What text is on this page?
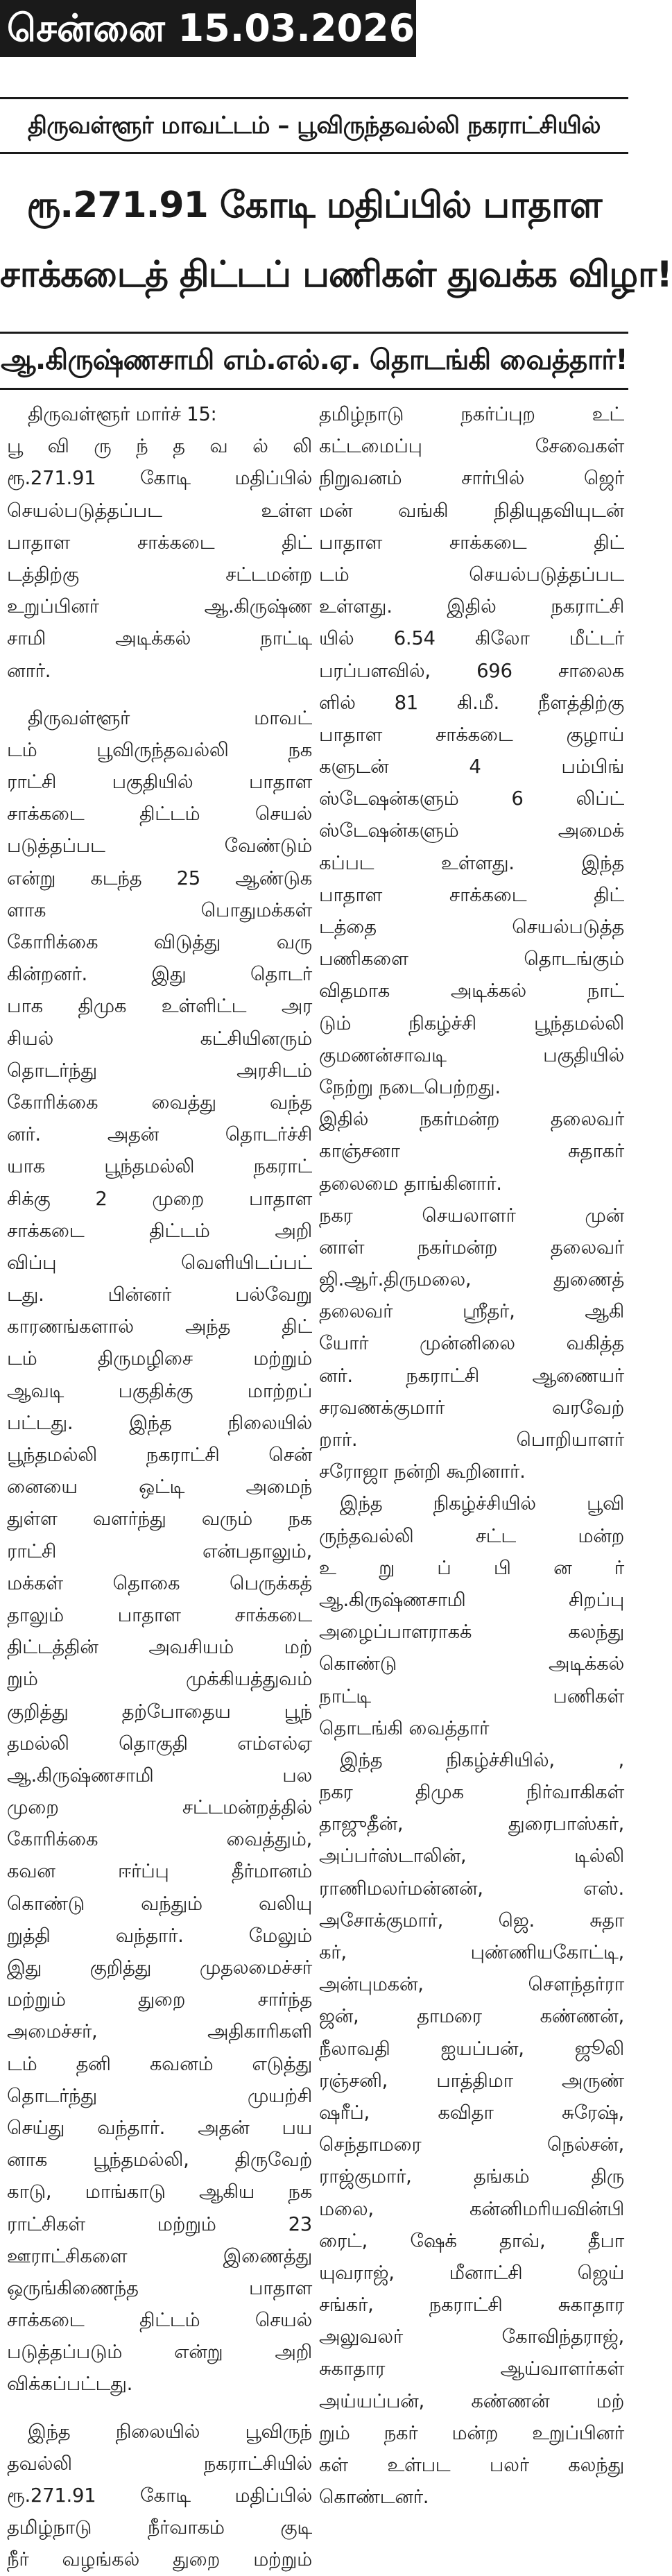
சென்னை 15.03.2026
திருவள்ளூர் மாவட்டம் – பூவிருந்தவல்லி நகராட்சியில்
ரூ.271.91 கோடி மதிப்பில் பாதாள
சாக்கடைத் திட்டப் பணிகள் துவக்க விழா!
ஆ.கிருஷ்ணசாமி எம்.எல்.ஏ. தொடங்கி வைத்தார்!
திருவள்ளூர் மார்ச் 15:
பூ வி ரு ந் த வ ல் லி
ரூ.271.91 கோடி மதிப்பில்
செயல்படுத்தப்பட உள்ள
பாதாள சாக்கடை திட்
டத்திற்கு சட்டமன்ற
உறுப்பினர் ஆ.கிருஷ்ண
சாமி அடிக்கல் நாட்டி
னார்.
திருவள்ளூர் மாவட்
டம் பூவிருந்தவல்லி நக
ராட்சி பகுதியில் பாதாள
சாக்கடை திட்டம் செயல்
படுத்தப்பட வேண்டும்
என்று கடந்த 25 ஆண்டுக
ளாக பொதுமக்கள்
கோரிக்கை விடுத்து வரு
கின்றனர். இது தொடர்
பாக திமுக உள்ளிட்ட அர
சியல் கட்சியினரும்
தொடர்ந்து அரசிடம்
கோரிக்கை வைத்து வந்த
னர். அதன் தொடர்ச்சி
யாக பூந்தமல்லி நகராட்
சிக்கு 2 முறை பாதாள
சாக்கடை திட்டம் அறி
விப்பு வெளியிடப்பட்
டது. பின்னர் பல்வேறு
காரணங்களால் அந்த திட்
டம் திருமழிசை மற்றும்
ஆவடி பகுதிக்கு மாற்றப்
பட்டது. இந்த நிலையில்
பூந்தமல்லி நகராட்சி சென்
னையை ஒட்டி அமைந்
துள்ள வளர்ந்து வரும் நக
ராட்சி என்பதாலும்,
மக்கள் தொகை பெருக்கத்
தாலும் பாதாள சாக்கடை
திட்டத்தின் அவசியம் மற்
றும் முக்கியத்துவம்
குறித்து தற்போதைய பூந்
தமல்லி தொகுதி எம்எல்ஏ
ஆ.கிருஷ்ணசாமி பல
முறை சட்டமன்றத்தில்
கோரிக்கை வைத்தும்,
கவன ஈர்ப்பு தீர்மானம்
கொண்டு வந்தும் வலியு
றுத்தி வந்தார். மேலும்
இது குறித்து முதலமைச்சர்
மற்றும் துறை சார்ந்த
அமைச்சர், அதிகாரிகளி
டம் தனி கவனம் எடுத்து
தொடர்ந்து முயற்சி
செய்து வந்தார். அதன் பய
னாக பூந்தமல்லி, திருவேற்
காடு, மாங்காடு ஆகிய நக
ராட்சிகள் மற்றும் 23
ஊராட்சிகளை இணைத்து
ஒருங்கிணைந்த பாதாள
சாக்கடை திட்டம் செயல்
படுத்தப்படும் என்று அறி
விக்கப்பட்டது.
இந்த நிலையில் பூவிருந்
தவல்லி நகராட்சியில்
ரூ.271.91 கோடி மதிப்பில்
தமிழ்நாடு நீர்வாகம் குடி
நீர் வழங்கல் துறை மற்றும்
தமிழ்நாடு நகர்ப்புற உட்
கட்டமைப்பு சேவைகள்
நிறுவனம் சார்பில் ஜெர்
மன் வங்கி நிதியுதவியுடன்
பாதாள சாக்கடை திட்
டம் செயல்படுத்தப்பட
உள்ளது. இதில் நகராட்சி
யில் 6.54 கிலோ மீட்டர்
பரப்பளவில், 696 சாலைக
ளில் 81 கி.மீ. நீளத்திற்கு
பாதாள சாக்கடை குழாய்
களுடன் 4 பம்பிங்
ஸ்டேஷன்களும் 6 லிப்ட்
ஸ்டேஷன்களும் அமைக்
கப்பட உள்ளது. இந்த
பாதாள சாக்கடை திட்
டத்தை செயல்படுத்த
பணிகளை தொடங்கும்
விதமாக அடிக்கல் நாட்
டும் நிகழ்ச்சி பூந்தமல்லி
குமணன்சாவடி பகுதியில்
நேற்று நடைபெற்றது.
இதில் நகர்மன்ற தலைவர்
காஞ்சனா சுதாகர்
தலைமை தாங்கினார்.
நகர செயலாளர் முன்
னாள் நகர்மன்ற தலைவர்
ஜி.ஆர்.திருமலை, துணைத்
தலைவர் ஸ்ரீதர், ஆகி
யோர் முன்னிலை வகித்த
னர். நகராட்சி ஆணையர்
சரவணக்குமார் வரவேற்
றார். பொறியாளர்
சரோஜா நன்றி கூறினார்.
இந்த நிகழ்ச்சியில் பூவி
ருந்தவல்லி சட்ட மன்ற
உ று ப் பி ன ர்
ஆ.கிருஷ்ணசாமி சிறப்பு
அழைப்பாளராகக் கலந்து
கொண்டு அடிக்கல்
நாட்டி பணிகள்
தொடங்கி வைத்தார்
இந்த நிகழ்ச்சியில், ,
நகர திமுக நிர்வாகிகள்
தாஜுதீன், துரைபாஸ்கர்,
அப்பர்ஸ்டாலின், டில்லி
ராணிமலர்மன்னன், எஸ்.
அசோக்குமார், ஜெ. சுதா
கர், புண்ணியகோட்டி,
அன்புமகன், சௌந்தர்ரா
ஜன், தாமரை கண்ணன்,
நீலாவதி ஐயப்பன், ஜூலி
ரஞ்சனி, பாத்திமா அருண்
ஷரீப், கவிதா சுரேஷ்,
செந்தாமரை நெல்சன்,
ராஜ்குமார், தங்கம் திரு
மலை, கன்னிமரியவின்பி
ரைட், ஷேக் தாவ், தீபா
யுவராஜ், மீனாட்சி ஜெய்
சங்கர், நகராட்சி சுகாதார
அலுவலர் கோவிந்தராஜ்,
சுகாதார ஆய்வாளர்கள்
அய்யப்பன், கண்ணன் மற்
றும் நகர் மன்ற உறுப்பினர்
கள் உள்பட பலர் கலந்து
கொண்டனர்.
